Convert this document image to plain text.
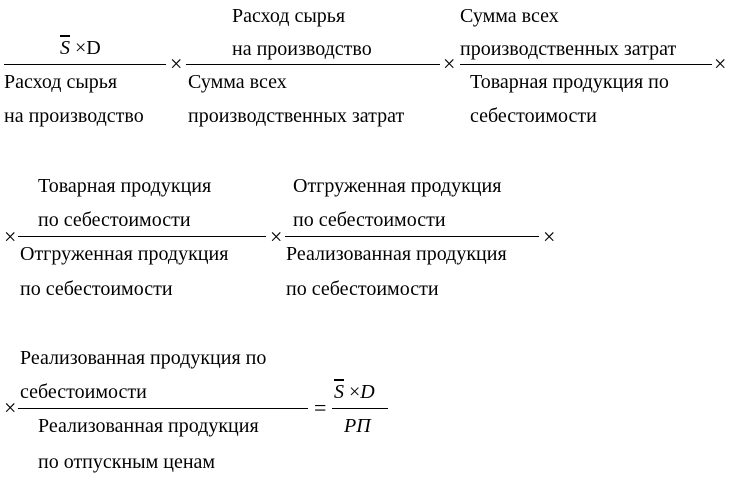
$\overline{S} \times D$
Расход сырья
на производство
×
Расход сырья
на производство
Сумма всех
производственных затрат
×
Сумма всех
производственных затрат
Товарная продукция по
себестоимости
×
×
Товарная продукция
по себестоимости
Отгруженная продукция
по себестоимости
×
Отгруженная продукция
по себестоимости
Реализованная продукция
по себестоимости
×
×
Реализованная продукция по
себестоимости
Реализованная продукция
по отпускным ценам
=
$\overline{S} \times D$
РП
